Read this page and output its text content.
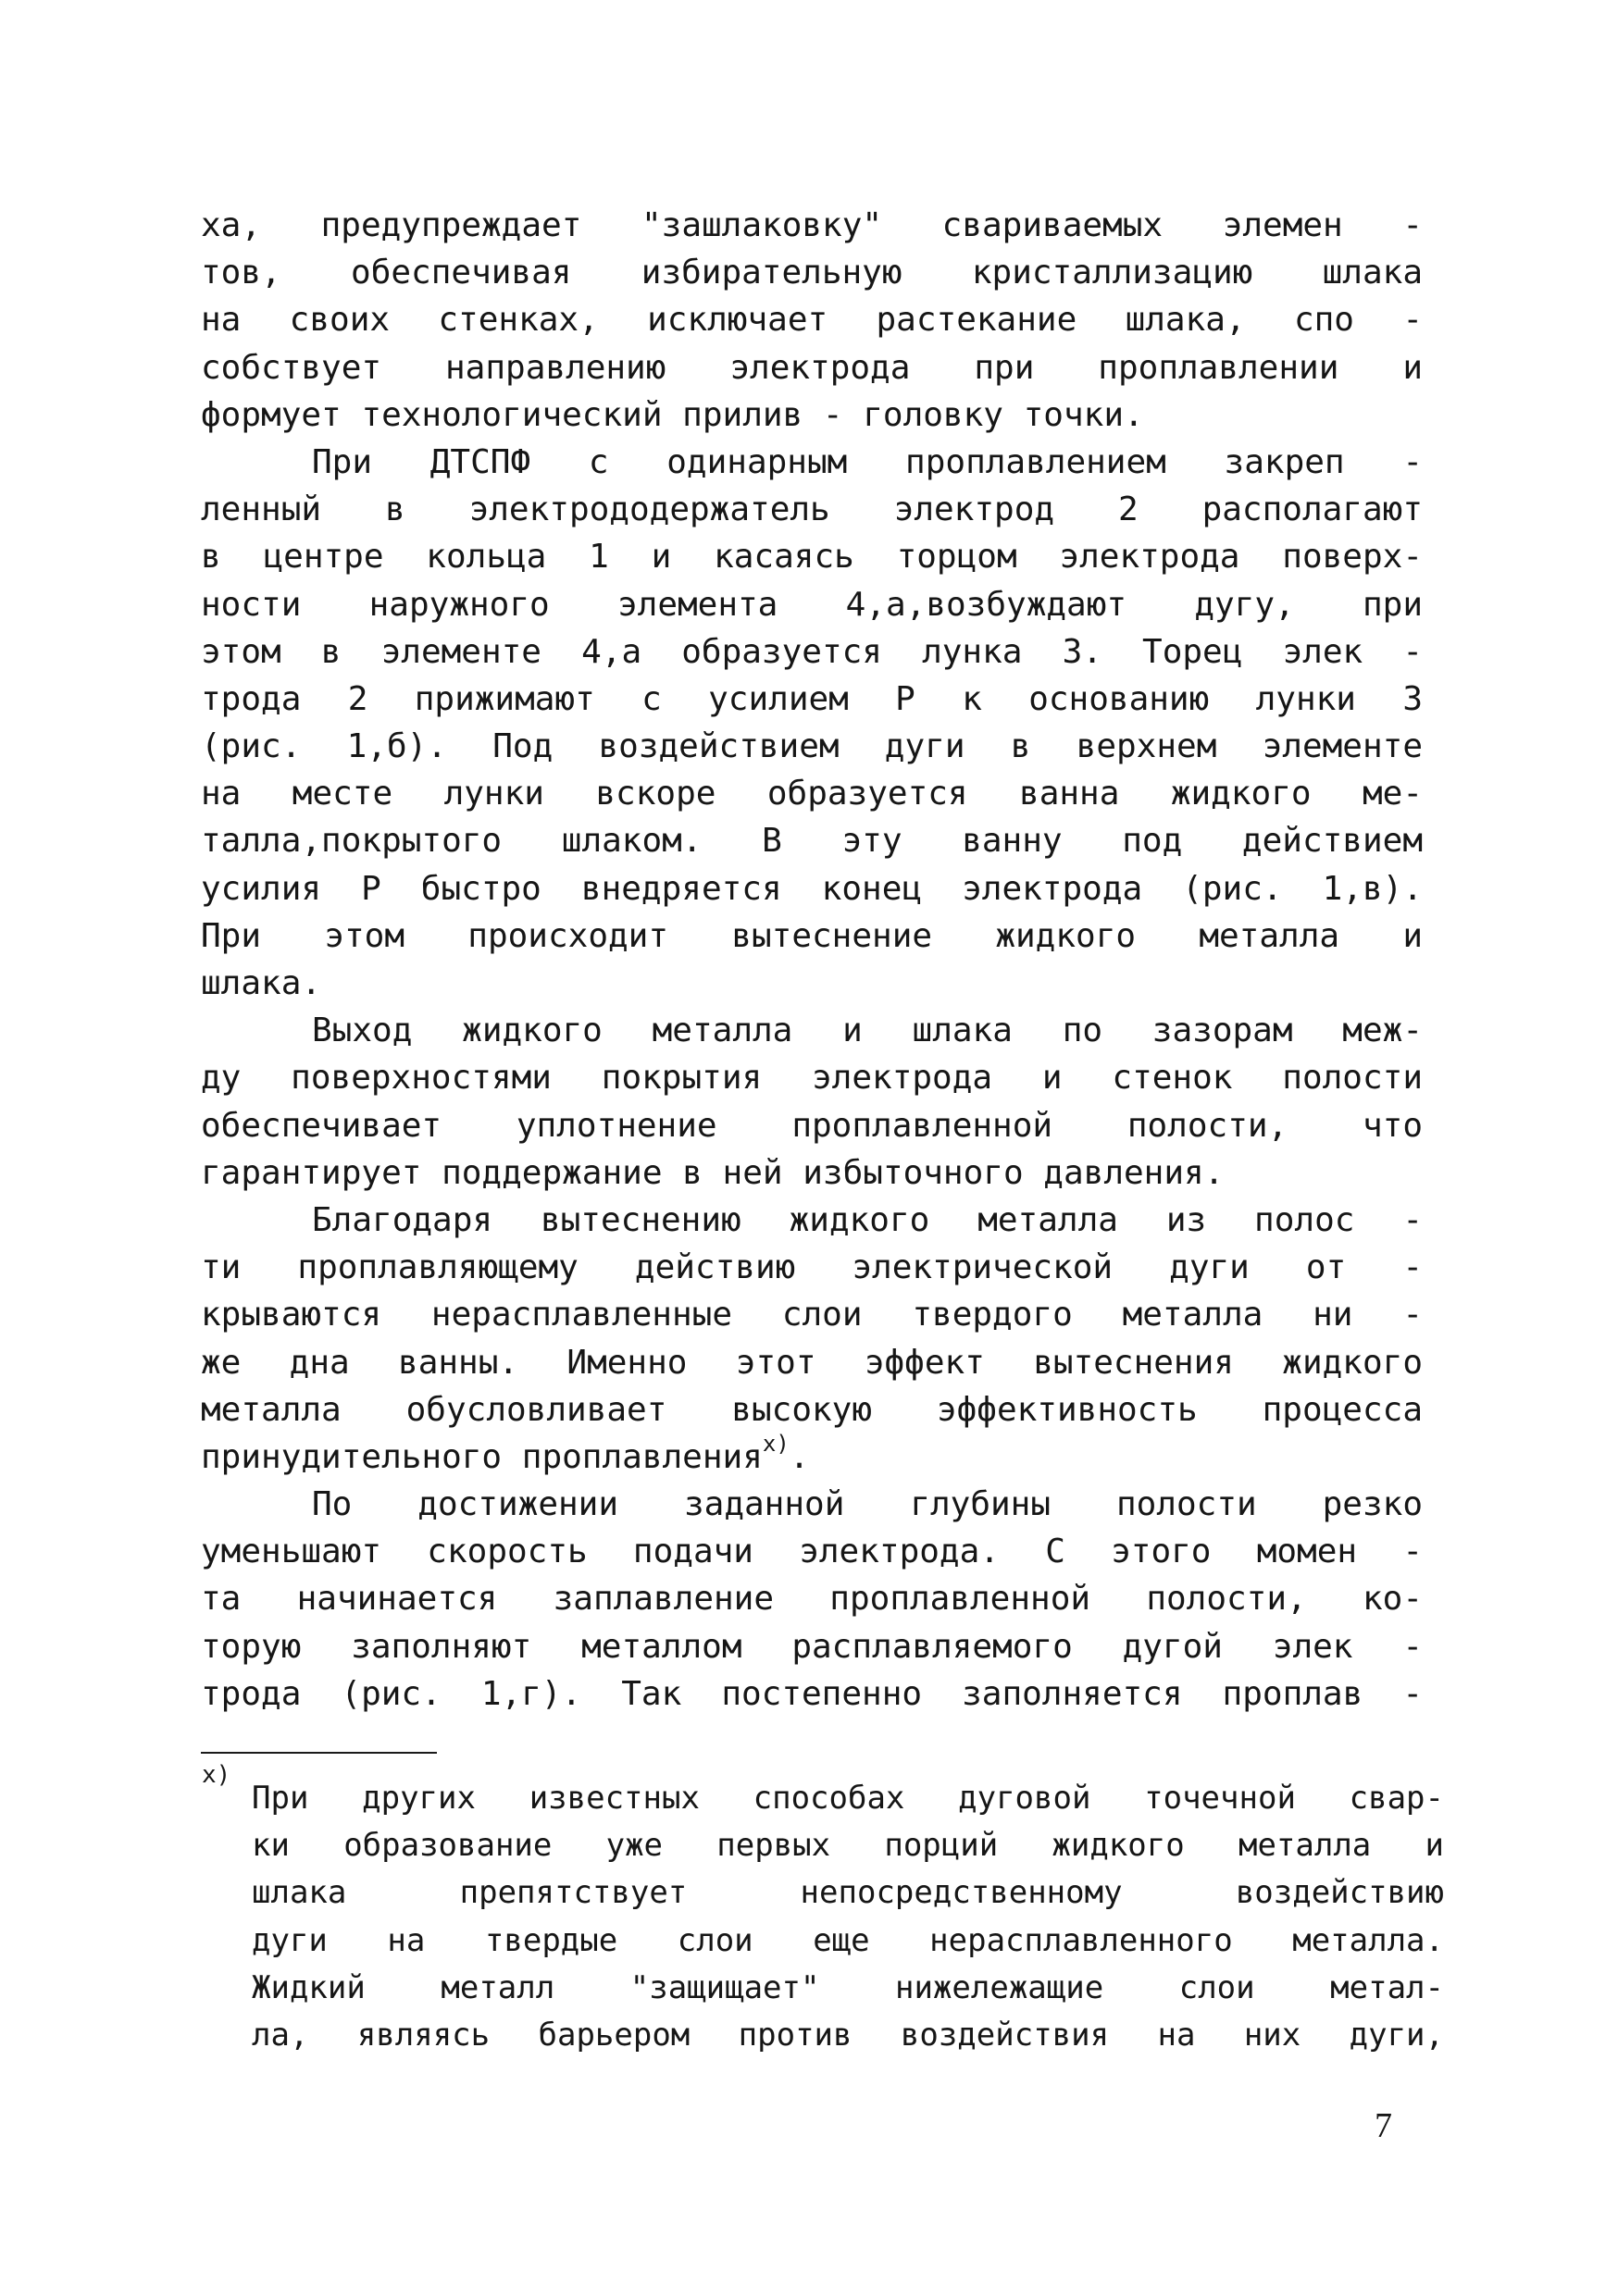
ха, предупреждает "зашлаковку" свариваемых элемен -
тов, обеспечивая избирательную кристаллизацию шлака
на своих стенках, исключает растекание шлака, спо -
собствует направлению электрода при проплавлении и
формует технологический прилив - головку точки.
При ДТСПФ с одинарным проплавлением закреп -
ленный в электрододержатель электрод 2 располагают
в центре кольца 1 и касаясь торцом электрода поверх-
ности наружного элемента 4,а,возбуждают дугу, при
этом в элементе 4,а образуется лунка 3. Торец элек -
трода 2 прижимают с усилием Р к основанию лунки 3
(рис. 1,б). Под воздействием дуги в верхнем элементе
на месте лунки вскоре образуется ванна жидкого ме-
талла,покрытого шлаком. В эту ванну под действием
усилия Р быстро внедряется конец электрода (рис. 1,в).
При этом происходит вытеснение жидкого металла и
шлака.
Выход жидкого металла и шлака по зазорам меж-
ду поверхностями покрытия электрода и стенок полости
обеспечивает уплотнение проплавленной полости, что
гарантирует поддержание в ней избыточного давления.
Благодаря вытеснению жидкого металла из полос -
ти проплавляющему действию электрической дуги от -
крываются нерасплавленные слои твердого металла ни -
же дна ванны. Именно этот эффект вытеснения жидкого
металла обусловливает высокую эффективность процесса
принудительного проплавления$^{x)}$.
По достижении заданной глубины полости резко
уменьшают скорость подачи электрода. С этого момен -
та начинается заплавление проплавленной полости, ко-
торую заполняют металлом расплавляемого дугой элек -
трода (рис. 1,г). Так постепенно заполняется проплав -
x)
При других известных способах дуговой точечной свар-
ки образование уже первых порций жидкого металла и
шлака препятствует непосредственному воздействию
дуги на твердые слои еще нерасплавленного металла.
Жидкий металл "защищает" нижележащие слои метал-
ла, являясь барьером против воздействия на них дуги,
7
